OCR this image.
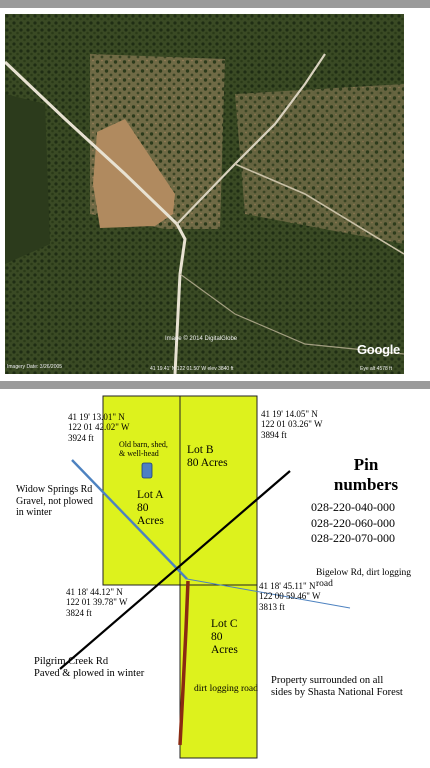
Imagery Date: 3/26/2005
Image © 2014 DigitalGlobe
41 19.41' N 122 01.50' W elev 3840 ft	Eye alt 4578 ft
Google
41 19' 13.01" N
122 01 42.02" W
3924 ft
41 19' 14.05" N
122 01 03.26" W
3894 ft
41 18' 44.12" N
122 01 39.78" W
3824 ft
41 18' 45.11" N
122 00 59.46" W
3813 ft
Old barn, shed,
& well-head
Lot A
80
Acres
Lot B
80 Acres
Lot C
80
Acres
Widow Springs Rd
Gravel, not plowed
in winter
Bigelow Rd, dirt logging
road
Pilgrim Creek Rd
Paved & plowed in winter
dirt logging road
Property surrounded on all
sides by Shasta National Forest
Pin
numbers
028-220-040-000
028-220-060-000
028-220-070-000
